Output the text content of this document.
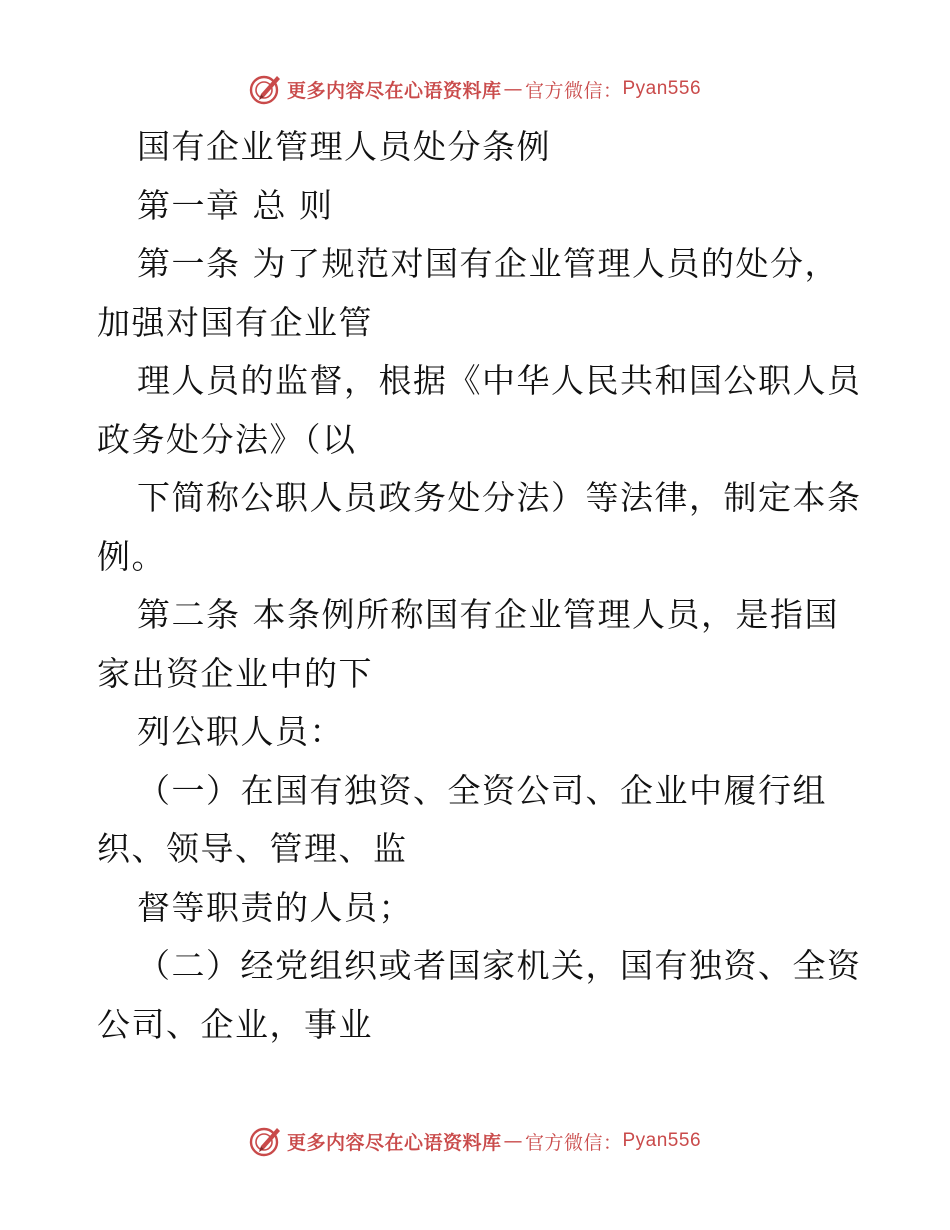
更多内容尽在心语资料库 — 官方微信： Pyan556
国有企业管理人员处分条例
第一章 总 则
第一条 为了规范对国有企业管理人员的处分，
加强对国有企业管
理人员的监督，根据《中华人民共和国公职人员
政务处分法》（以
下简称公职人员政务处分法）等法律，制定本条
例。
第二条 本条例所称国有企业管理人员，是指国
家出资企业中的下
列公职人员：
（一）在国有独资、全资公司、企业中履行组
织、领导、管理、监
督等职责的人员；
（二）经党组织或者国家机关，国有独资、全资
公司、企业，事业
更多内容尽在心语资料库 — 官方微信： Pyan556
